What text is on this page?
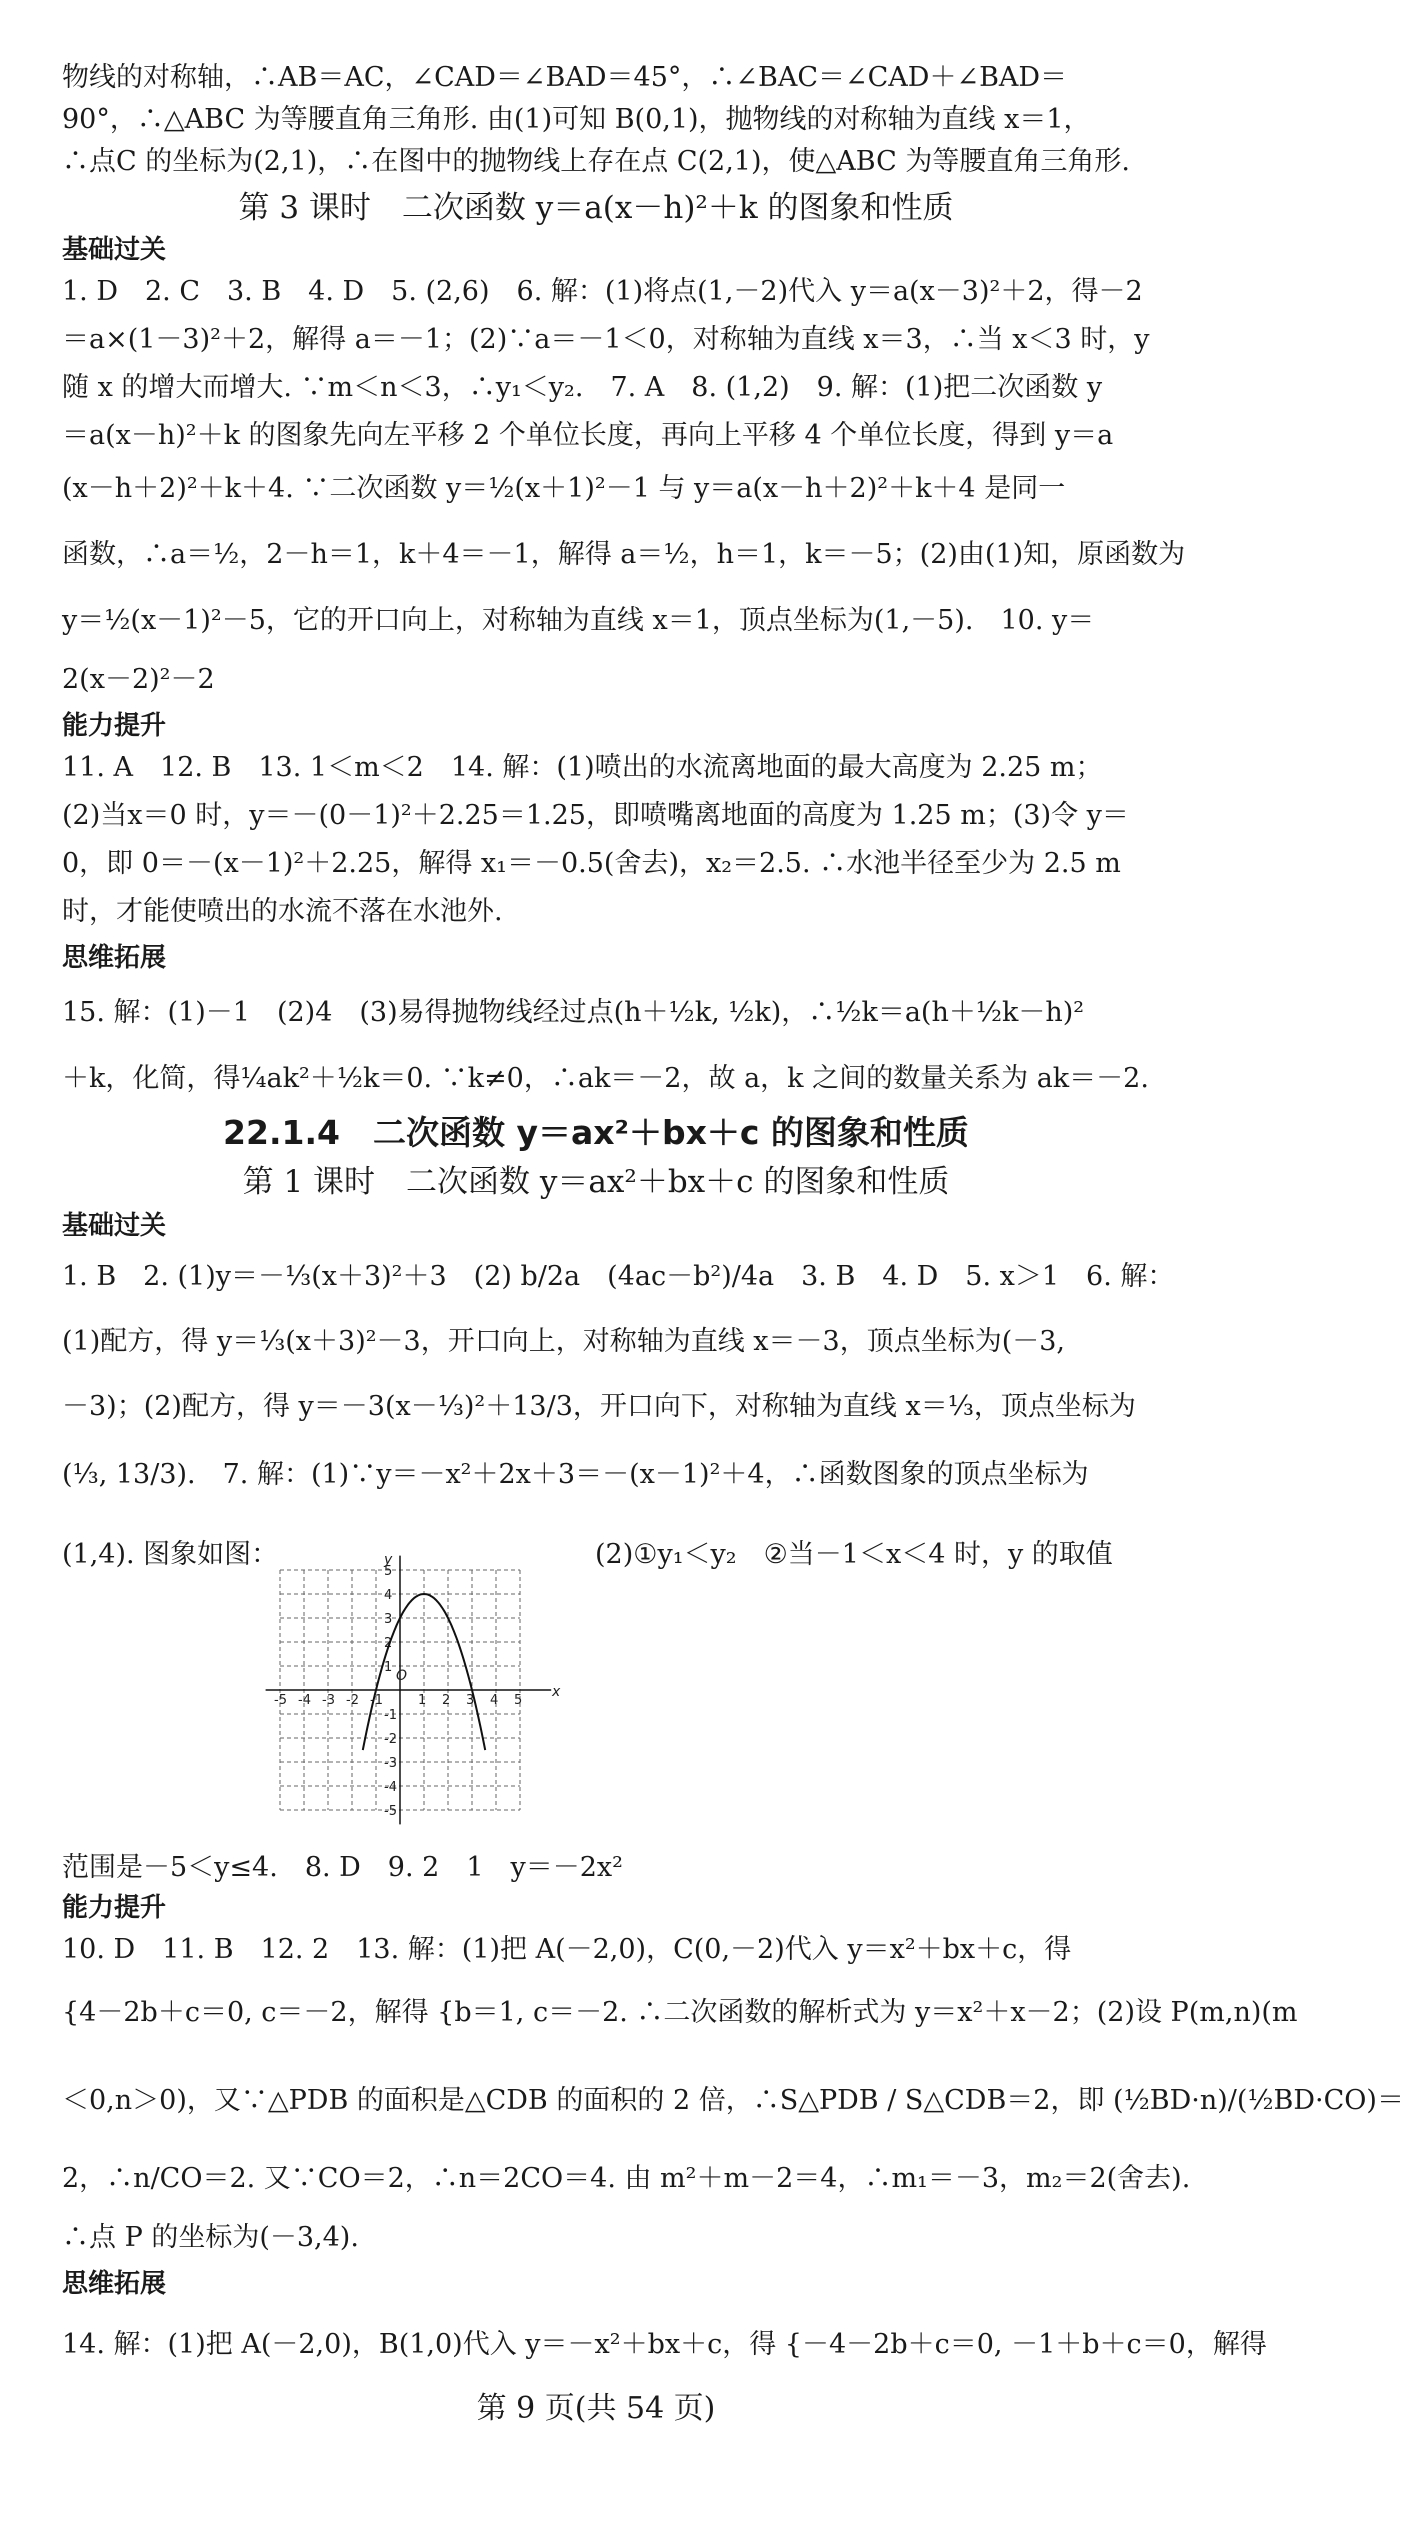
物线的对称轴，∴AB＝AC，∠CAD＝∠BAD＝45°，∴∠BAC＝∠CAD＋∠BAD＝
90°，∴△ABC 为等腰直角三角形. 由(1)可知 B(0,1)，抛物线的对称轴为直线 x＝1，
∴点C 的坐标为(2,1)，∴在图中的抛物线上存在点 C(2,1)，使△ABC 为等腰直角三角形.
第 3 课时　二次函数 y＝a(x－h)²＋k 的图象和性质
基础过关
1. D　2. C　3. B　4. D　5. (2,6)　6. 解：(1)将点(1,－2)代入 y＝a(x－3)²＋2，得－2
＝a×(1－3)²＋2，解得 a＝－1；(2)∵a＝－1＜0，对称轴为直线 x＝3，∴当 x＜3 时，y
随 x 的增大而增大. ∵m＜n＜3，∴y₁＜y₂.　7. A　8. (1,2)　9. 解：(1)把二次函数 y
＝a(x－h)²＋k 的图象先向左平移 2 个单位长度，再向上平移 4 个单位长度，得到 y＝a
(x－h＋2)²＋k＋4. ∵二次函数 y＝½(x＋1)²－1 与 y＝a(x－h＋2)²＋k＋4 是同一
函数，∴a＝½，2－h＝1，k＋4＝－1，解得 a＝½，h＝1，k＝－5；(2)由(1)知，原函数为
y＝½(x－1)²－5，它的开口向上，对称轴为直线 x＝1，顶点坐标为(1,－5).　10. y＝
2(x－2)²－2
能力提升
11. A　12. B　13. 1＜m＜2　14. 解：(1)喷出的水流离地面的最大高度为 2.25 m；
(2)当x＝0 时，y＝－(0－1)²＋2.25＝1.25，即喷嘴离地面的高度为 1.25 m；(3)令 y＝
0，即 0＝－(x－1)²＋2.25，解得 x₁＝－0.5(舍去)，x₂＝2.5. ∴水池半径至少为 2.5 m
时，才能使喷出的水流不落在水池外.
思维拓展
15. 解：(1)－1　(2)4　(3)易得抛物线经过点(h＋½k, ½k)，∴½k＝a(h＋½k－h)²
＋k，化简，得¼ak²＋½k＝0. ∵k≠0，∴ak＝－2，故 a，k 之间的数量关系为 ak＝－2.
22.1.4　二次函数 y＝ax²＋bx＋c 的图象和性质
第 1 课时　二次函数 y＝ax²＋bx＋c 的图象和性质
基础过关
1. B　2. (1)y＝－⅓(x＋3)²＋3　(2) b/2a　(4ac－b²)/4a　3. B　4. D　5. x＞1　6. 解：
(1)配方，得 y＝⅓(x＋3)²－3，开口向上，对称轴为直线 x＝－3，顶点坐标为(－3,
－3)；(2)配方，得 y＝－3(x－⅓)²＋13/3，开口向下，对称轴为直线 x＝⅓，顶点坐标为
(⅓, 13/3).　7. 解：(1)∵y＝－x²＋2x＋3＝－(x－1)²＋4，∴函数图象的顶点坐标为
(1,4). 图象如图：	(2)①y₁＜y₂　②当－1＜x＜4 时，y 的取值
-5 -4 -3 -2 -1	1 2 3 4 5
5
4
3
2
1
-1
-2
-3
-4
-5
x
y
O
范围是－5＜y≤4.　8. D　9. 2　1　y＝－2x²
能力提升
10. D　11. B　12. 2　13. 解：(1)把 A(－2,0)，C(0,－2)代入 y＝x²＋bx＋c，得
{4－2b＋c＝0, c＝－2，解得 {b＝1, c＝－2. ∴二次函数的解析式为 y＝x²＋x－2；(2)设 P(m,n)(m
＜0,n＞0)，又∵△PDB 的面积是△CDB 的面积的 2 倍，∴S△PDB / S△CDB＝2，即 (½BD·n)/(½BD·CO)＝
2，∴n/CO＝2. 又∵CO＝2，∴n＝2CO＝4. 由 m²＋m－2＝4，∴m₁＝－3，m₂＝2(舍去).
∴点 P 的坐标为(－3,4).
思维拓展
14. 解：(1)把 A(－2,0)，B(1,0)代入 y＝－x²＋bx＋c，得 {－4－2b＋c＝0, －1＋b＋c＝0，解得
第 9 页(共 54 页)
